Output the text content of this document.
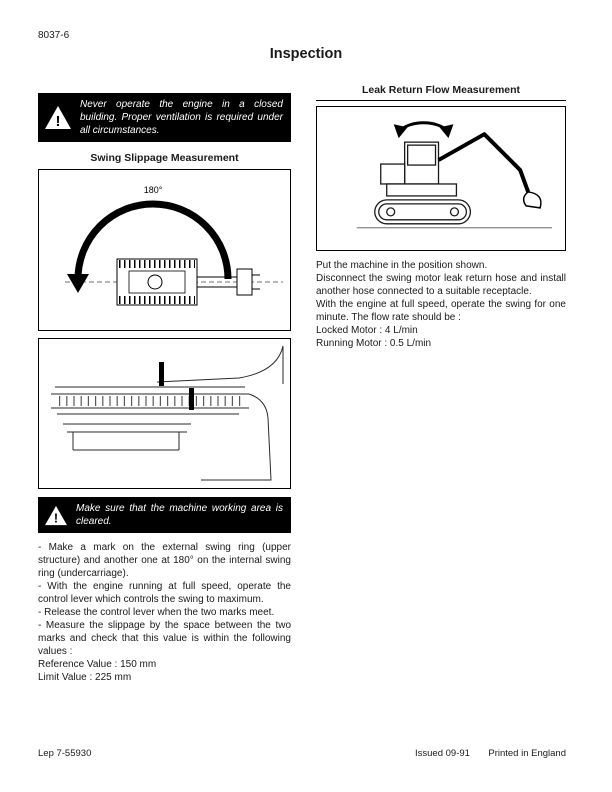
8037-6
Inspection
!
Never operate the engine in a closed building. Proper ventilation is required under all circumstances.
Swing Slippage Measurement
180°
!
Make sure that the machine working area is cleared.

- Make a mark on the external swing ring (upper structure) and another one at 180° on the internal swing ring (undercarriage).

- With the engine running at full speed, operate the control lever which controls the swing to maximum.

- Release the control lever when the two marks meet.

- Measure the slippage by the space between the two marks and check that this value is within the following values :

Reference Value : 150 mm

Limit Value : 225 mm

Leak Return Flow Measurement

Put the machine in the position shown.

Disconnect the swing motor leak return hose and install another hose connected to a suitable receptacle.

With the engine at full speed, operate the swing for one minute. The flow rate should be :

Locked Motor : 4 L/min

Running Motor : 0.5 L/min

Lep 7-55930	Issued 09-91 Printed in England
